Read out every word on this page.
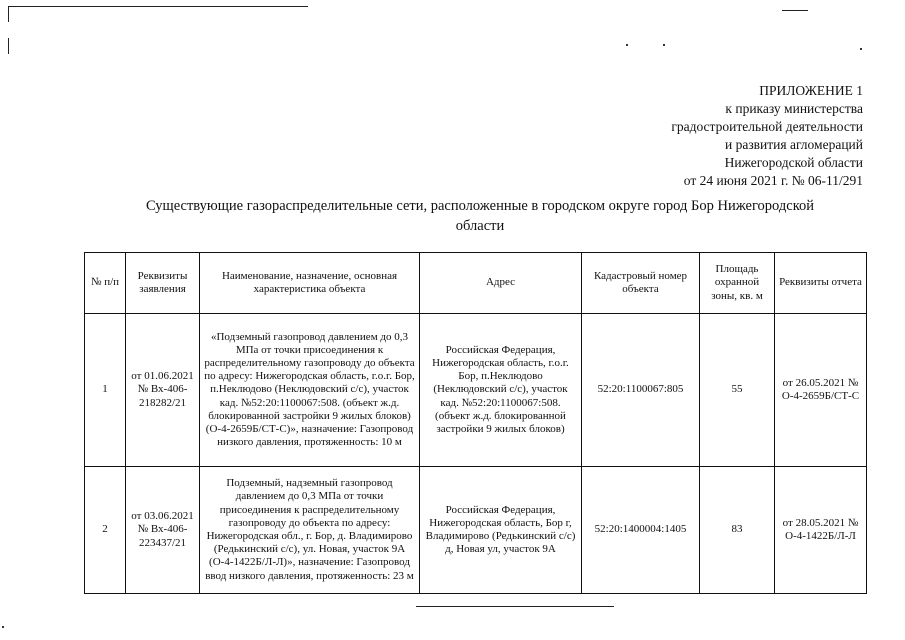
ПРИЛОЖЕНИЕ 1
к приказу министерства
градостроительной деятельности
и развития агломераций
Нижегородской области
от 24 июня 2021 г. № 06-11/291
Существующие газораспределительные сети, расположенные в городском округе город Бор Нижегородской области
№ п/п	Реквизиты заявления	Наименование, назначение, основная характеристика объекта	Адрес	Кадастровый номер объекта	Площадь охранной зоны, кв. м	Реквизиты отчета
1	от 01.06.2021 № Вх-406-218282/21	«Подземный газопровод давлением до 0,3 МПа от точки присоединения к распределительному газопроводу до объекта по адресу: Нижегородская область, г.о.г. Бор, п.Неклюдово (Неклюдовский с/с), участок кад. №52:20:1100067:508. (объект ж.д. блокированной застройки 9 жилых блоков) (О-4-2659Б/СТ-С)», назначение: Газопровод низкого давления, протяженность: 10 м	Российская Федерация, Нижегородская область, г.о.г. Бор, п.Неклюдово (Неклюдовский с/с), участок кад. №52:20:1100067:508. (объект ж.д. блокированной застройки 9 жилых блоков)	52:20:1100067:805	55	от 26.05.2021 № О-4-2659Б/СТ-С
2	от 03.06.2021 № Вх-406-223437/21	Подземный, надземный газопровод давлением до 0,3 МПа от точки присоединения к распределительному газопроводу до объекта по адресу: Нижегородская обл., г. Бор, д. Владимирово (Редькинский с/с), ул. Новая, участок 9А (О-4-1422Б/Л-Л)», назначение: Газопровод ввод низкого давления, протяженность: 23 м	Российская Федерация, Нижегородская область, Бор г, Владимирово (Редькинский с/с) д, Новая ул, участок 9А	52:20:1400004:1405	83	от 28.05.2021 № О-4-1422Б/Л-Л
